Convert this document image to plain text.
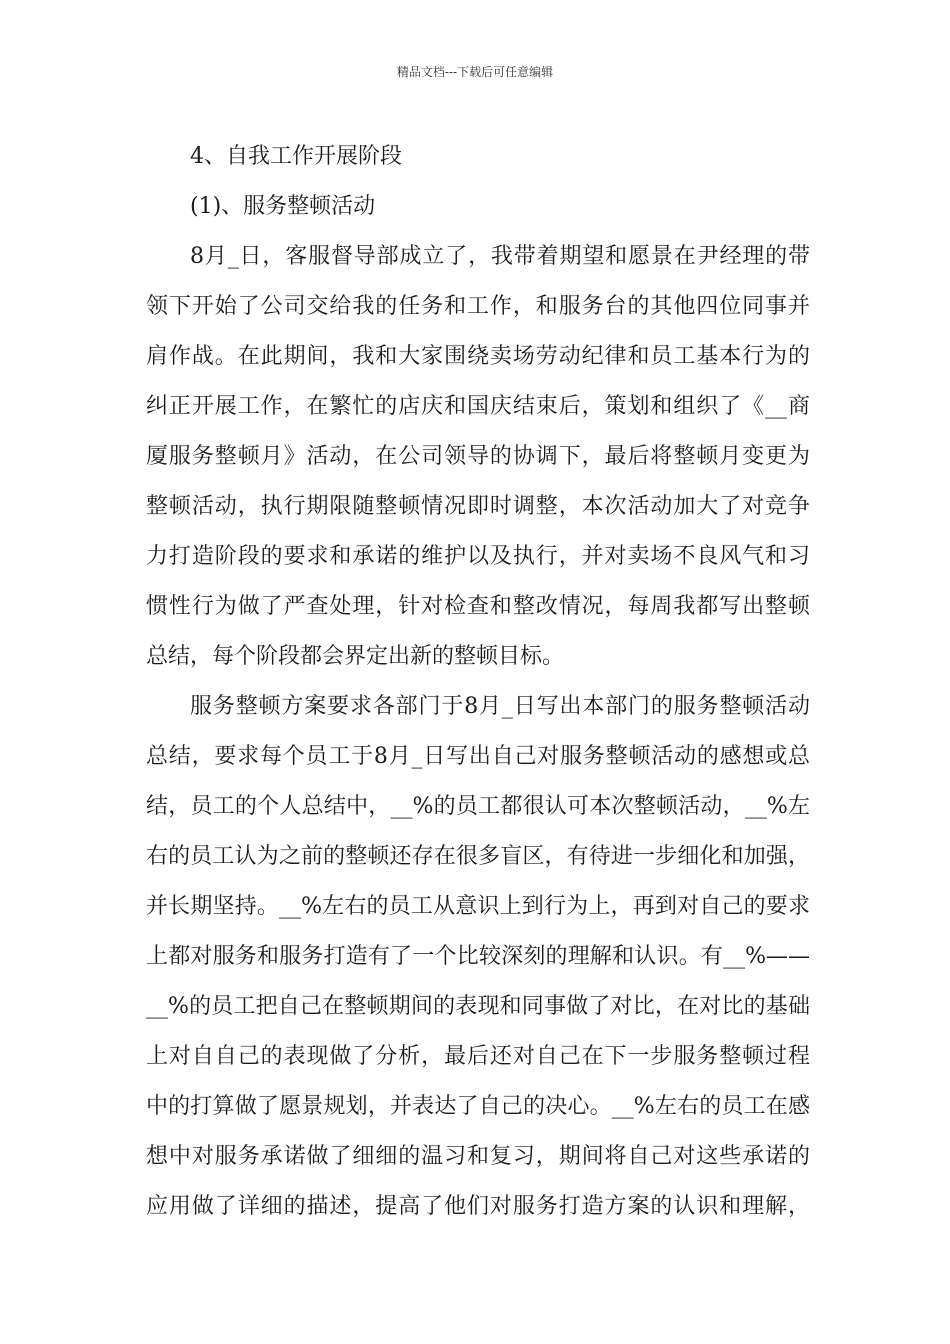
精品文档---下载后可任意编辑
4、自我工作开展阶段
(1)、服务整顿活动
8月_日，客服督导部成立了，我带着期望和愿景在尹经理的带
领下开始了公司交给我的任务和工作，和服务台的其他四位同事并
肩作战。在此期间，我和大家围绕卖场劳动纪律和员工基本行为的
纠正开展工作，在繁忙的店庆和国庆结束后，策划和组织了《__商
厦服务整顿月》活动，在公司领导的协调下，最后将整顿月变更为
整顿活动，执行期限随整顿情况即时调整，本次活动加大了对竞争
力打造阶段的要求和承诺的维护以及执行，并对卖场不良风气和习
惯性行为做了严查处理，针对检查和整改情况，每周我都写出整顿
总结，每个阶段都会界定出新的整顿目标。
服务整顿方案要求各部门于8月_日写出本部门的服务整顿活动
总结，要求每个员工于8月_日写出自己对服务整顿活动的感想或总
结，员工的个人总结中，__%的员工都很认可本次整顿活动，__%左
右的员工认为之前的整顿还存在很多盲区，有待进一步细化和加强，
并长期坚持。__%左右的员工从意识上到行为上，再到对自己的要求
上都对服务和服务打造有了一个比较深刻的理解和认识。有__%——
__%的员工把自己在整顿期间的表现和同事做了对比，在对比的基础
上对自自己的表现做了分析，最后还对自己在下一步服务整顿过程
中的打算做了愿景规划，并表达了自己的决心。__%左右的员工在感
想中对服务承诺做了细细的温习和复习，期间将自己对这些承诺的
应用做了详细的描述，提高了他们对服务打造方案的认识和理解，
